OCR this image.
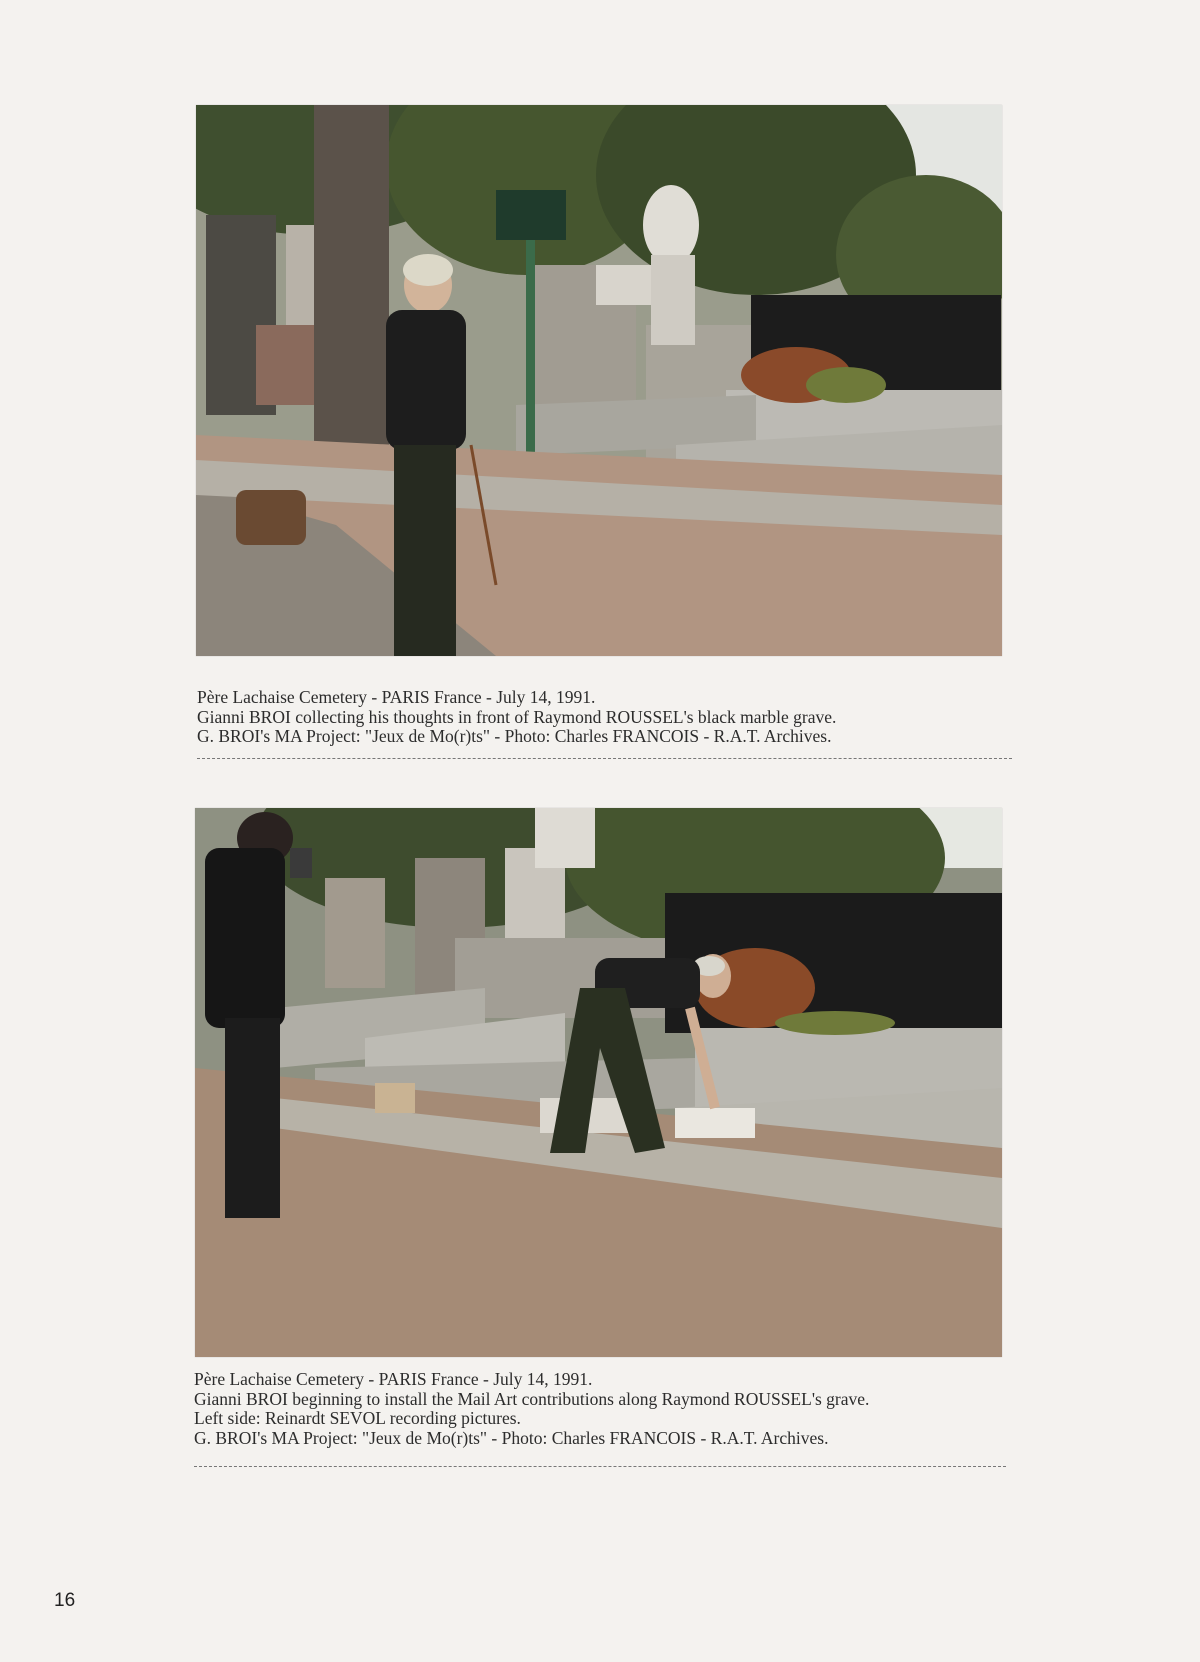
Père Lachaise Cemetery - PARIS France - July 14, 1991.
Gianni BROI collecting his thoughts in front of Raymond ROUSSEL's black marble grave.
G. BROI's MA Project: "Jeux de Mo(r)ts" - Photo: Charles FRANCOIS - R.A.T. Archives.
Père Lachaise Cemetery - PARIS France - July 14, 1991.
Gianni BROI beginning to install the Mail Art contributions along Raymond ROUSSEL's grave.
Left side: Reinardt SEVOL recording pictures.
G. BROI's MA Project: "Jeux de Mo(r)ts" - Photo: Charles FRANCOIS - R.A.T. Archives.
16
